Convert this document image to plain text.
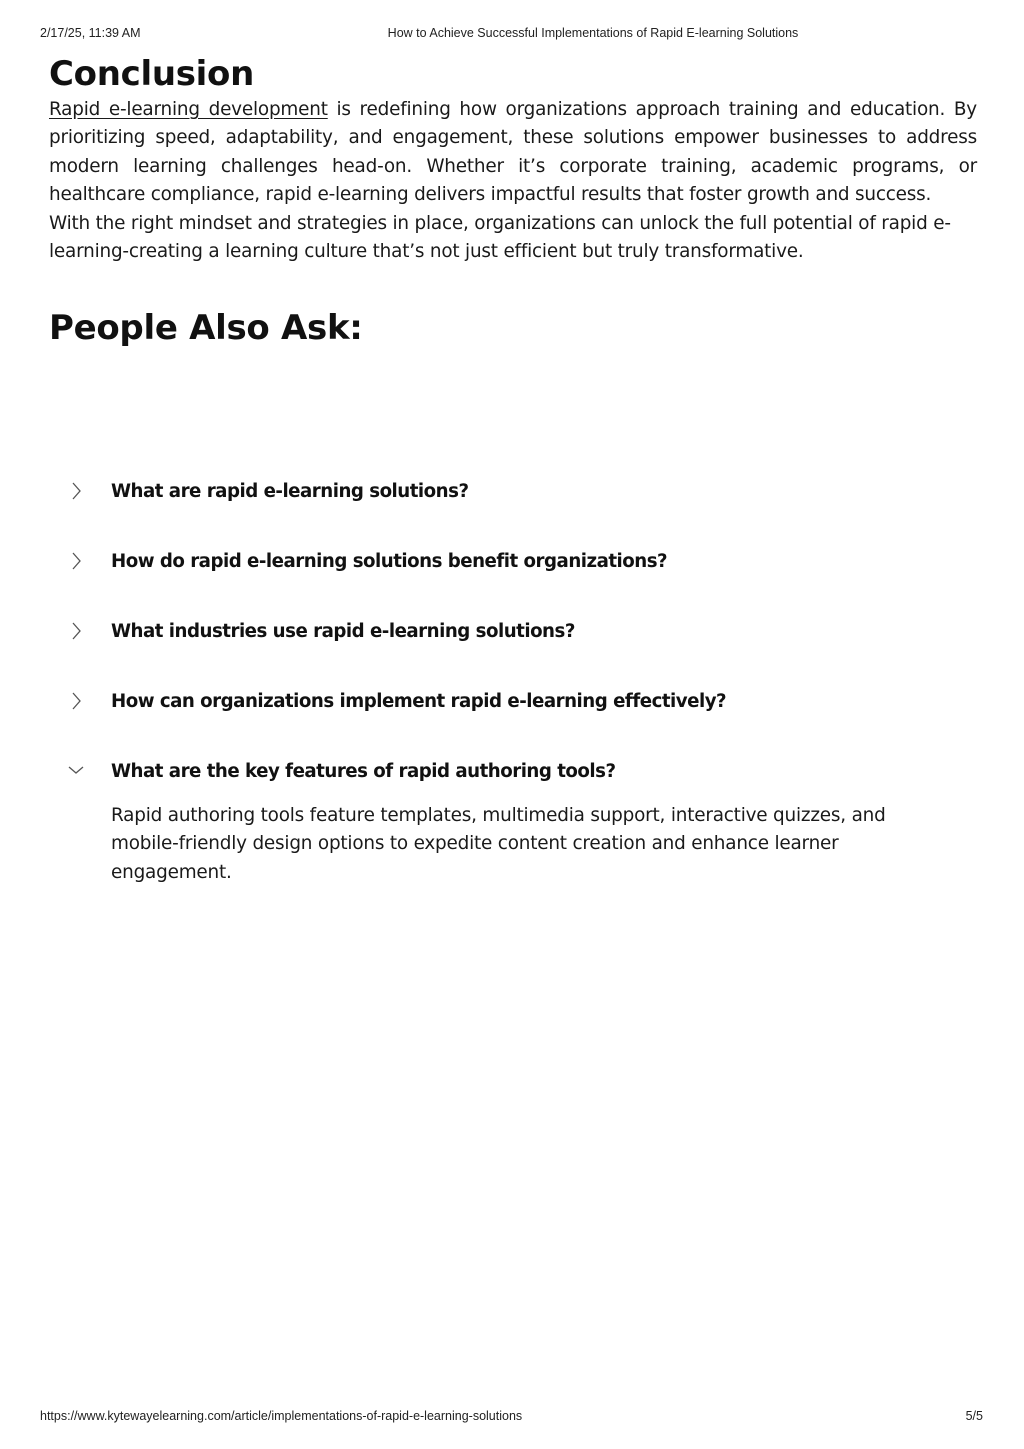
2/17/25, 11:39 AM	How to Achieve Successful Implementations of Rapid E-learning Solutions
Conclusion

Rapid e-learning development is redefining how organizations approach training and education. By prioritizing speed, adaptability, and engagement, these solutions empower businesses to address modern learning challenges head-on. Whether it’s corporate training, academic programs, or healthcare compliance, rapid e-learning delivers impactful results that foster growth and success.

With the right mindset and strategies in place, organizations can unlock the full potential of rapid e-learning-creating a learning culture that’s not just efficient but truly transformative.

People Also Ask:
What are rapid e-learning solutions?
How do rapid e-learning solutions benefit organizations?
What industries use rapid e-learning solutions?
How can organizations implement rapid e-learning effectively?
What are the key features of rapid authoring tools?
Rapid authoring tools feature templates, multimedia support, interactive quizzes, and mobile-friendly design options to expedite content creation and enhance learner engagement.
https://www.kytewayelearning.com/article/implementations-of-rapid-e-learning-solutions	5/5
